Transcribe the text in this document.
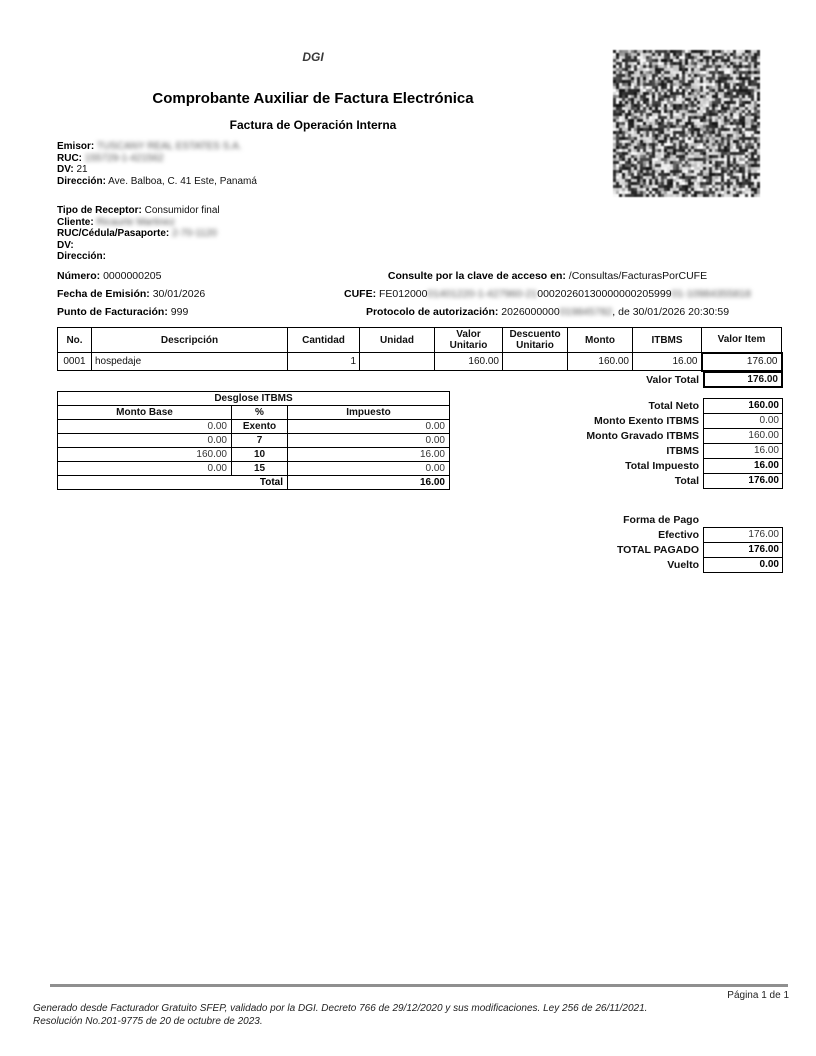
DGI
Comprobante Auxiliar de Factura Electrónica
Factura de Operación Interna
Emisor: TUSCANY REAL ESTATES S.A.
RUC: 155729-1-421562
DV: 21
Dirección: Ave. Balboa, C. 41 Este, Panamá
Tipo de Receptor: Consumidor final
Cliente: Ricaurte Martinez
RUC/Cédula/Pasaporte: 2-70-1120
DV:
Dirección:
Número: 0000000205
Fecha de Emisión: 30/01/2026
Punto de Facturación: 999
Consulte por la clave de acceso en: /Consultas/FacturasPorCUFE
CUFE: FE01200001401220-1-427960-210002026013000000020599901-10984355818
Protocolo de autorización: 2026000000019845782, de 30/01/2026 20:30:59
No.	Descripción	Cantidad	Unidad	Valor Unitario	Descuento Unitario	Monto	ITBMS	Valor Item
0001	hospedaje	1		160.00		160.00	16.00	176.00
Valor Total	176.00
Desglose ITBMS		
Monto Base	%	Impuesto
0.00	Exento	0.00
0.00	7	0.00
160.00	10	16.00
0.00	15	0.00
Total		16.00
Total Neto	160.00
Monto Exento ITBMS	0.00
Monto Gravado ITBMS	160.00
ITBMS	16.00
Total Impuesto	16.00
Total	176.00
Forma de Pago
Efectivo	176.00
TOTAL PAGADO	176.00
Vuelto	0.00
Página 1 de 1
Generado desde Facturador Gratuito SFEP, validado por la DGI. Decreto 766 de 29/12/2020 y sus modificaciones. Ley 256 de 26/11/2021.
Resolución No.201-9775 de 20 de octubre de 2023.
